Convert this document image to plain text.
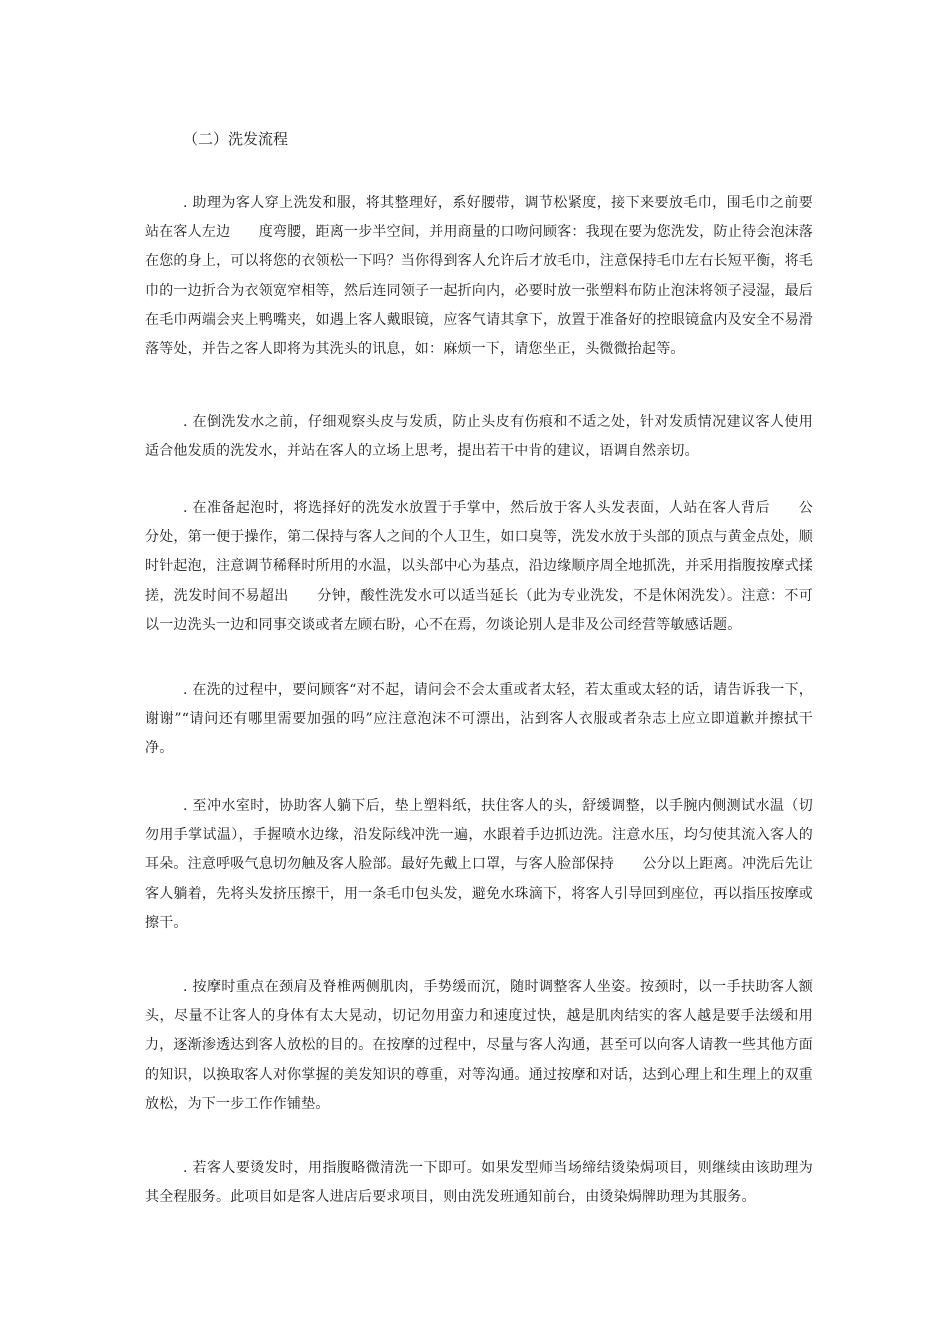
（二）洗发流程

. 助理为客人穿上洗发和服，将其整理好，系好腰带，调节松紧度，接下来要放毛巾，围毛巾之前要站在客人左边　　度弯腰，距离一步半空间，并用商量的口吻问顾客：我现在要为您洗发，防止待会泡沫落在您的身上，可以将您的衣领松一下吗？当你得到客人允许后才放毛巾，注意保持毛巾左右长短平衡，将毛巾的一边折合为衣领宽窄相等，然后连同领子一起折向内，必要时放一张塑料布防止泡沫将领子浸湿，最后在毛巾两端会夹上鸭嘴夹，如遇上客人戴眼镜，应客气请其拿下，放置于准备好的控眼镜盒内及安全不易滑落等处，并告之客人即将为其洗头的讯息，如：麻烦一下，请您坐正，头微微抬起等。

. 在倒洗发水之前，仔细观察头皮与发质，防止头皮有伤痕和不适之处，针对发质情况建议客人使用适合他发质的洗发水，并站在客人的立场上思考，提出若干中肯的建议，语调自然亲切。

. 在准备起泡时，将选择好的洗发水放置于手掌中，然后放于客人头发表面，人站在客人背后　　公分处，第一便于操作，第二保持与客人之间的个人卫生，如口臭等，洗发水放于头部的顶点与黄金点处，顺时针起泡，注意调节稀释时所用的水温，以头部中心为基点，沿边缘顺序周全地抓洗，并采用指腹按摩式揉搓，洗发时间不易超出　　分钟，酸性洗发水可以适当延长（此为专业洗发，不是休闲洗发）。注意：不可以一边洗头一边和同事交谈或者左顾右盼，心不在焉，勿谈论别人是非及公司经营等敏感话题。

. 在洗的过程中，要问顾客“对不起，请问会不会太重或者太轻，若太重或太轻的话，请告诉我一下，谢谢”“请问还有哪里需要加强的吗”应注意泡沫不可漂出，沾到客人衣服或者杂志上应立即道歉并擦拭干净。

. 至冲水室时，协助客人躺下后，垫上塑料纸，扶住客人的头，舒缓调整，以手腕内侧测试水温（切勿用手掌试温），手握喷水边缘，沿发际线冲洗一遍，水跟着手边抓边洗。注意水压，均匀使其流入客人的耳朵。注意呼吸气息切勿触及客人脸部。最好先戴上口罩，与客人脸部保持　　公分以上距离。冲洗后先让客人躺着，先将头发挤压擦干，用一条毛巾包头发，避免水珠滴下，将客人引导回到座位，再以指压按摩或擦干。

. 按摩时重点在颈肩及脊椎两侧肌肉，手势缓而沉，随时调整客人坐姿。按颈时，以一手扶助客人额头，尽量不让客人的身体有太大晃动，切记勿用蛮力和速度过快，越是肌肉结实的客人越是要手法缓和用力，逐渐渗透达到客人放松的目的。在按摩的过程中，尽量与客人沟通，甚至可以向客人请教一些其他方面的知识，以换取客人对你掌握的美发知识的尊重，对等沟通。通过按摩和对话，达到心理上和生理上的双重放松，为下一步工作作铺垫。

. 若客人要烫发时，用指腹略微清洗一下即可。如果发型师当场缔结烫染焗项目，则继续由该助理为其全程服务。此项目如是客人进店后要求项目，则由洗发班通知前台，由烫染焗牌助理为其服务。
